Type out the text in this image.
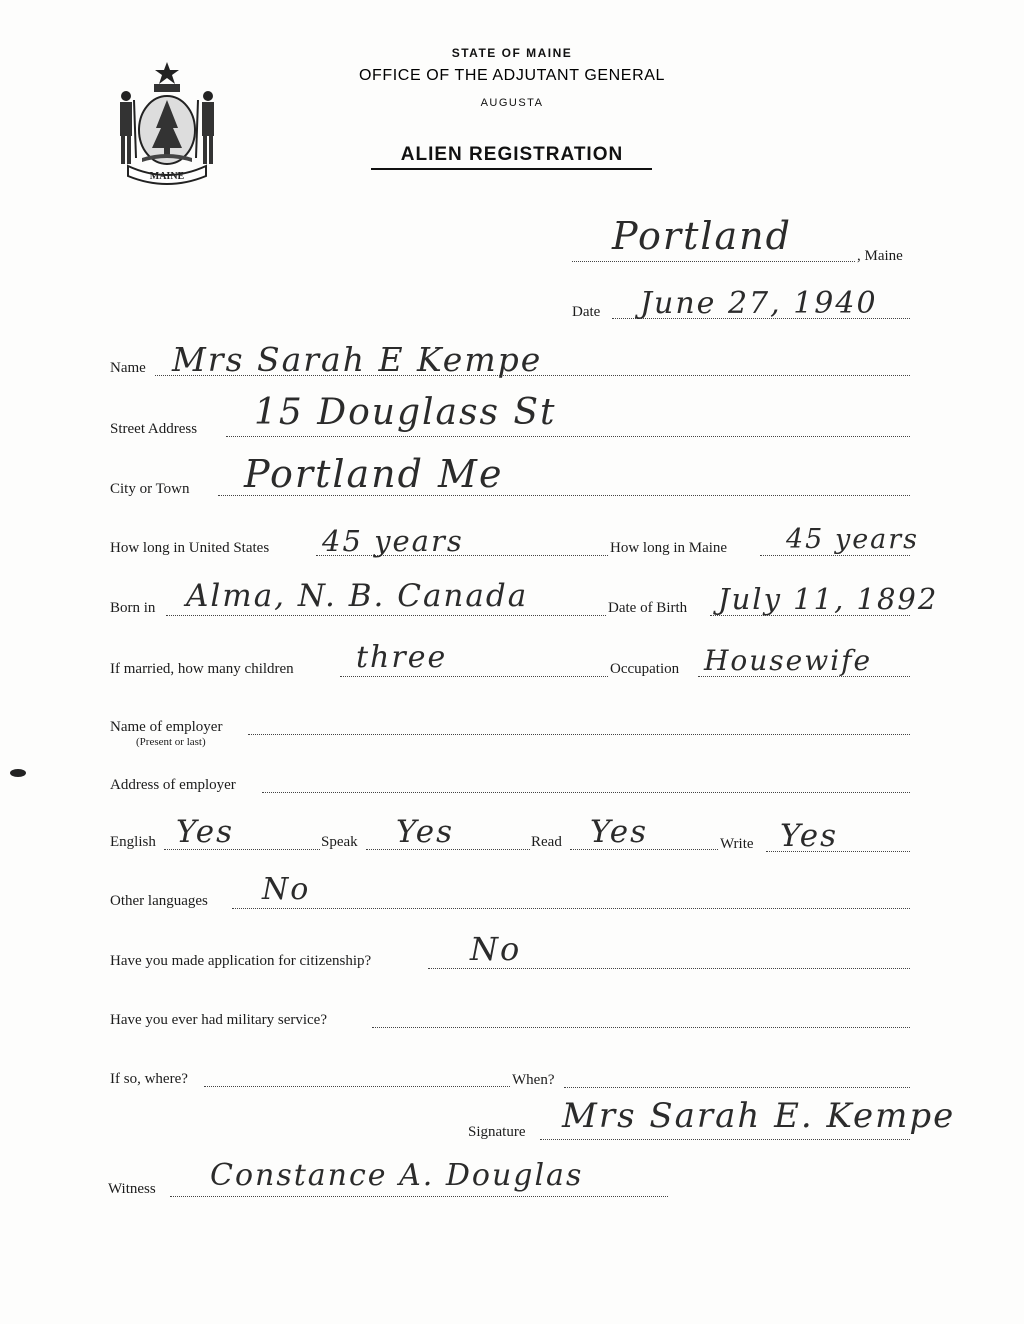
MAINE
STATE OF MAINE
OFFICE OF THE ADJUTANT GENERAL
AUGUSTA
ALIEN REGISTRATION
Portland	, Maine
Date June 27, 1940
Name Mrs Sarah E Kempe
Street Address 15 Douglass St
City or Town Portland Me
How long in United States 45 years	How long in Maine 45 years
Born in Alma, N. B. Canada	Date of Birth July 11, 1892
If married, how many children three	Occupation Housewife
Name of employer
(Present or last)
Address of employer
English Yes	Speak Yes	Read Yes	Write Yes
Other languages No
Have you made application for citizenship?	No
Have you ever had military service?
If so, where?	When?
Signature Mrs Sarah E. Kempe
Witness Constance A. Douglas
